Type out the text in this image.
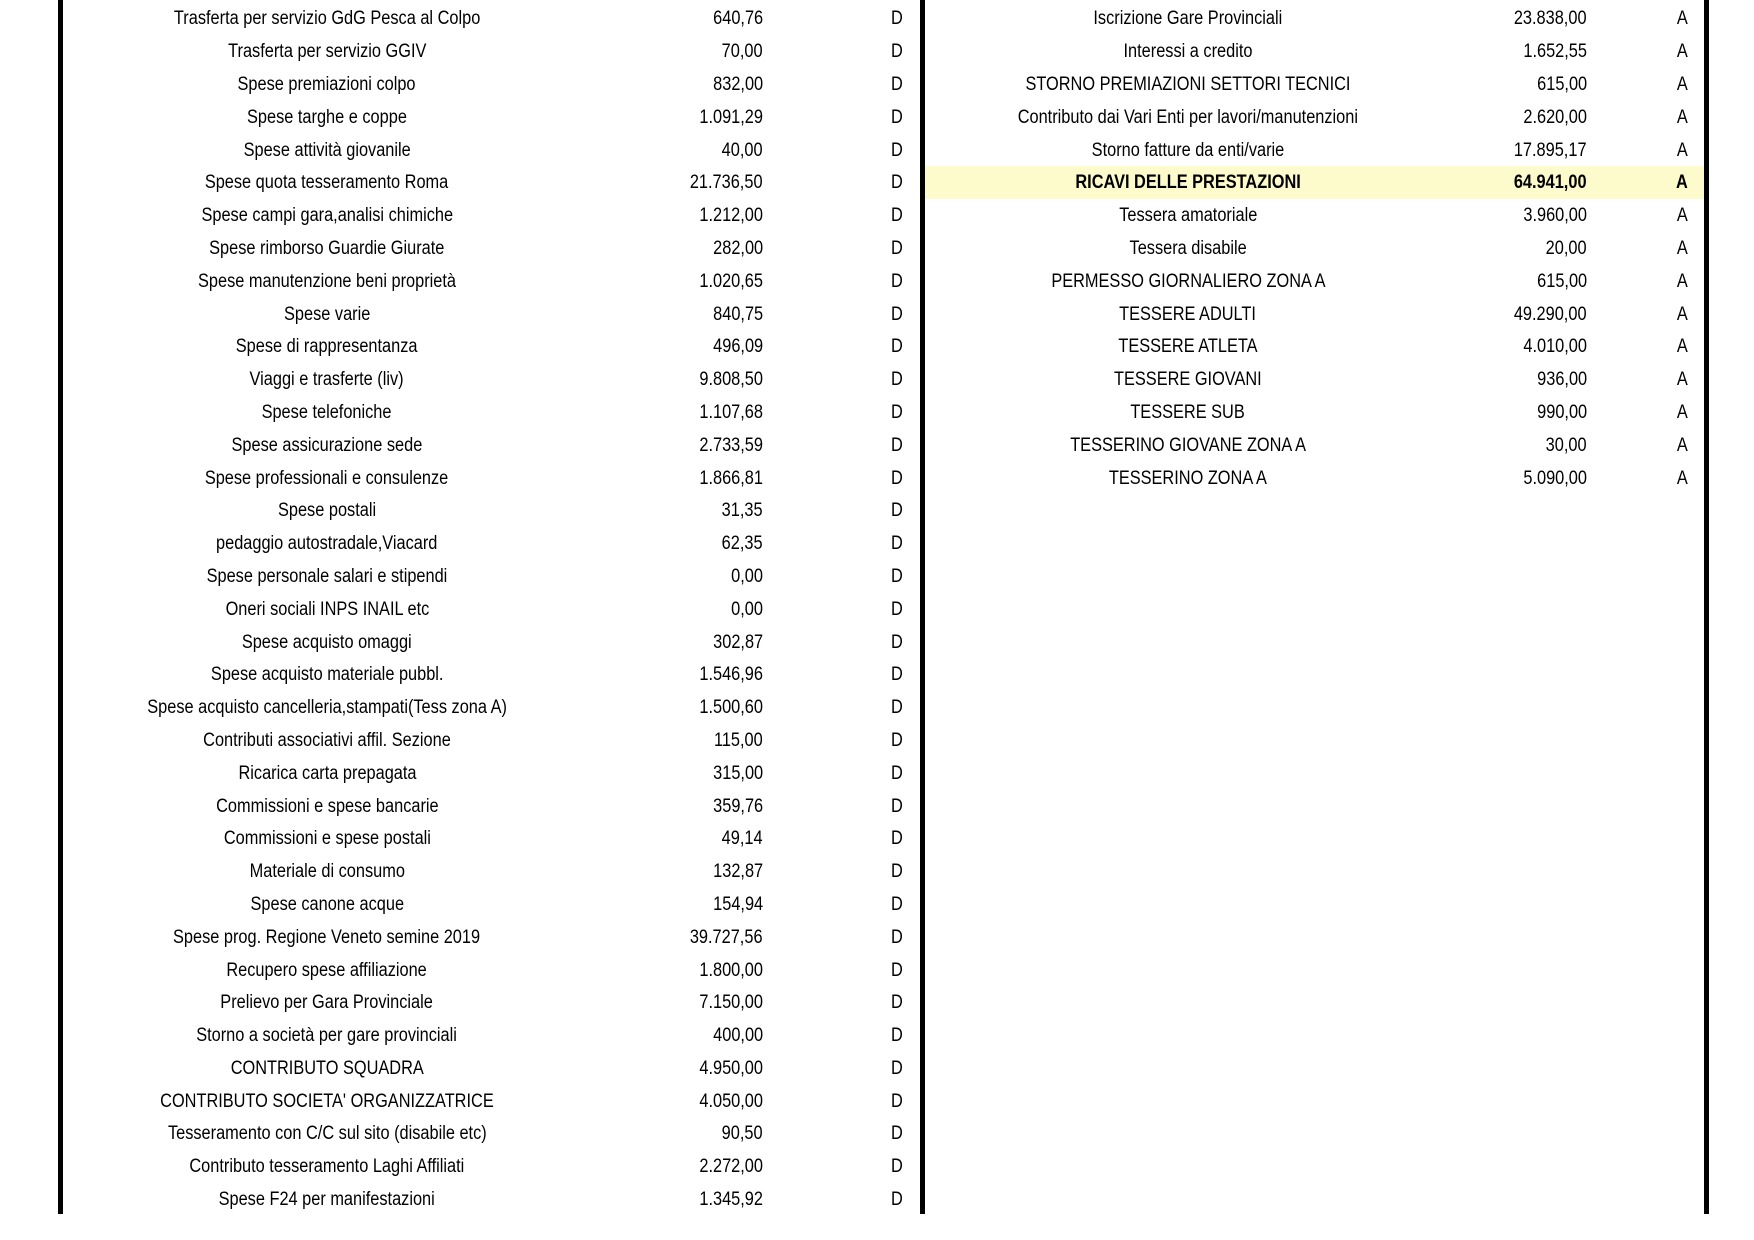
Trasferta per servizio GdG Pesca al Colpo	640,76	D
Trasferta per servizio GGIV	70,00	D
Spese premiazioni colpo	832,00	D
Spese targhe e coppe	1.091,29	D
Spese attività giovanile	40,00	D
Spese quota tesseramento Roma	21.736,50	D
Spese campi gara,analisi chimiche	1.212,00	D
Spese rimborso Guardie Giurate	282,00	D
Spese manutenzione beni proprietà	1.020,65	D
Spese varie	840,75	D
Spese di rappresentanza	496,09	D
Viaggi e trasferte (liv)	9.808,50	D
Spese telefoniche	1.107,68	D
Spese assicurazione sede	2.733,59	D
Spese professionali e consulenze	1.866,81	D
Spese postali	31,35	D
pedaggio autostradale,Viacard	62,35	D
Spese personale salari e stipendi	0,00	D
Oneri sociali INPS INAIL etc	0,00	D
Spese acquisto omaggi	302,87	D
Spese acquisto materiale pubbl.	1.546,96	D
Spese acquisto cancelleria,stampati(Tess zona A)	1.500,60	D
Contributi associativi affil. Sezione	115,00	D
Ricarica carta prepagata	315,00	D
Commissioni e spese bancarie	359,76	D
Commissioni e spese postali	49,14	D
Materiale di consumo	132,87	D
Spese canone acque	154,94	D
Spese prog. Regione Veneto semine 2019	39.727,56	D
Recupero spese affiliazione	1.800,00	D
Prelievo per Gara Provinciale	7.150,00	D
Storno a società per gare provinciali	400,00	D
CONTRIBUTO SQUADRA	4.950,00	D
CONTRIBUTO SOCIETA' ORGANIZZATRICE	4.050,00	D
Tesseramento con C/C sul sito (disabile etc)	90,50	D
Contributo tesseramento Laghi Affiliati	2.272,00	D
Spese F24 per manifestazioni	1.345,92	D
Iscrizione Gare Provinciali	23.838,00	A
Interessi a credito	1.652,55	A
STORNO PREMIAZIONI SETTORI TECNICI	615,00	A
Contributo dai Vari Enti per lavori/manutenzioni	2.620,00	A
Storno fatture da enti/varie	17.895,17	A
RICAVI DELLE PRESTAZIONI	64.941,00	A
Tessera amatoriale	3.960,00	A
Tessera disabile	20,00	A
PERMESSO GIORNALIERO ZONA A	615,00	A
TESSERE ADULTI	49.290,00	A
TESSERE ATLETA	4.010,00	A
TESSERE GIOVANI	936,00	A
TESSERE SUB	990,00	A
TESSERINO GIOVANE ZONA A	30,00	A
TESSERINO ZONA A	5.090,00	A
